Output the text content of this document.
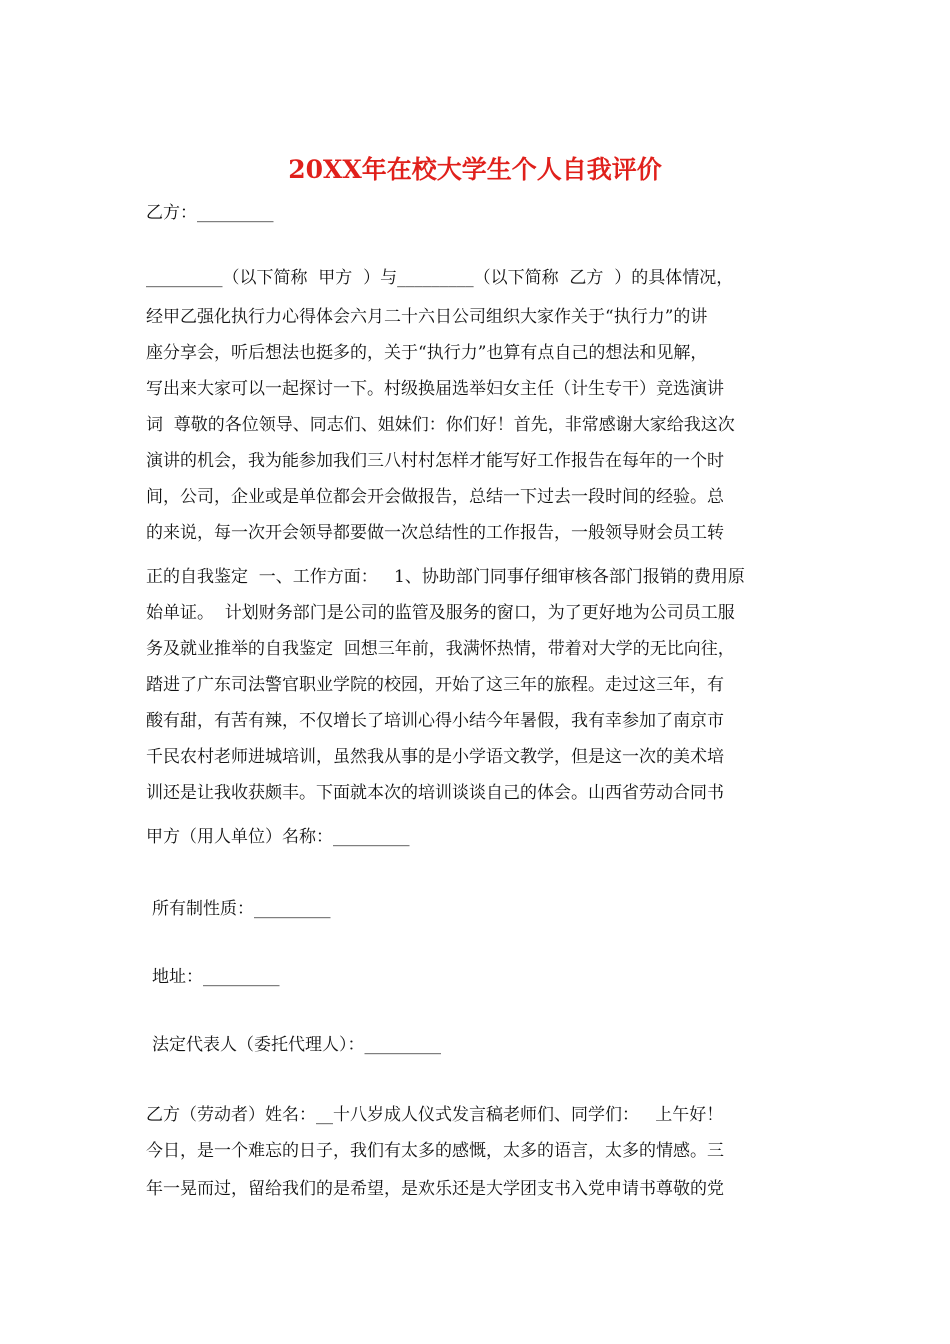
20XX年在校大学生个人自我评价
乙方：_________
_________（以下简称  甲方  ）与_________（以下简称  乙方  ）的具体情况，
经甲乙强化执行力心得体会六月二十六日公司组织大家作关于“执行力”的讲
座分享会，听后想法也挺多的，关于“执行力”也算有点自己的想法和见解，
写出来大家可以一起探讨一下。村级换届选举妇女主任（计生专干）竞选演讲
词  尊敬的各位领导、同志们、姐妹们：你们好！首先，非常感谢大家给我这次
演讲的机会，我为能参加我们三八村村怎样才能写好工作报告在每年的一个时
间，公司，企业或是单位都会开会做报告，总结一下过去一段时间的经验。总
的来说，每一次开会领导都要做一次总结性的工作报告，一般领导财会员工转
正的自我鉴定  一、工作方面：   1、协助部门同事仔细审核各部门报销的费用原
始单证。  计划财务部门是公司的监管及服务的窗口，为了更好地为公司员工服
务及就业推举的自我鉴定  回想三年前，我满怀热情，带着对大学的无比向往，
踏进了广东司法警官职业学院的校园，开始了这三年的旅程。走过这三年，有
酸有甜，有苦有辣，不仅增长了培训心得小结今年暑假，我有幸参加了南京市
千民农村老师进城培训，虽然我从事的是小学语文教学，但是这一次的美术培
训还是让我收获颇丰。下面就本次的培训谈谈自己的体会。山西省劳动合同书
甲方（用人单位）名称：_________
所有制性质：_________
地址：_________
法定代表人（委托代理人）：_________
乙方（劳动者）姓名：__十八岁成人仪式发言稿老师们、同学们：   上午好！
今日，是一个难忘的日子，我们有太多的感慨，太多的语言，太多的情感。三
年一晃而过，留给我们的是希望，是欢乐还是大学团支书入党申请书尊敬的党
